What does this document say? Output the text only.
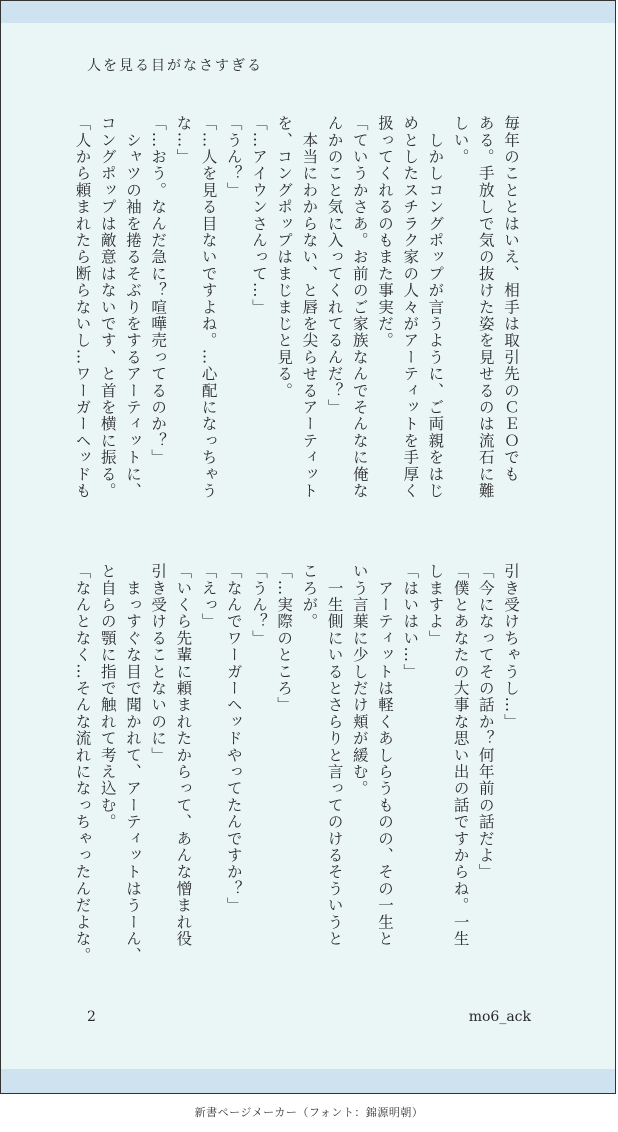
人を見る目がなさすぎる
毎年のこととはいえ、相手は取引先のＣＥＯでも
ある。手放しで気の抜けた姿を見せるのは流石に難
しい。
　しかしコングポップが言うように、ご両親をはじ
めとしたスチラク家の人々がアーティットを手厚く
扱ってくれるのもまた事実だ。
「ていうかさあ。お前のご家族なんでそんなに俺な
んかのこと気に入ってくれてるんだ？」
　本当にわからない、と唇を尖らせるアーティット
を、コングポップはまじまじと見る。
「…アイウンさんって…」
「うん？」
「…人を見る目ないですよね。…心配になっちゃう
な…」
「…おう。なんだ急に？喧嘩売ってるのか？」
　シャツの袖を捲るそぶりをするアーティットに、
コングポップは敵意はないです、と首を横に振る。
「人から頼まれたら断らないし…ワーガーヘッドも
引き受けちゃうし…」
「今になってその話か？何年前の話だよ」
「僕とあなたの大事な思い出の話ですからね。一生
しますよ」
「はいはい…」
　アーティットは軽くあしらうものの、その一生と
いう言葉に少しだけ頬が緩む。
　一生側にいるとさらりと言ってのけるそういうと
ころが。
「…実際のところ」
「うん？」
「なんでワーガーヘッドやってたんですか？」
「えっ」
「いくら先輩に頼まれたからって、あんな憎まれ役
引き受けることないのに」
　まっすぐな目で聞かれて、アーティットはうーん、
と自らの顎に指で触れて考え込む。
「なんとなく…そんな流れになっちゃったんだよな。
2	mo6_ack
新書ページメーカー（フォント：錦源明朝）
